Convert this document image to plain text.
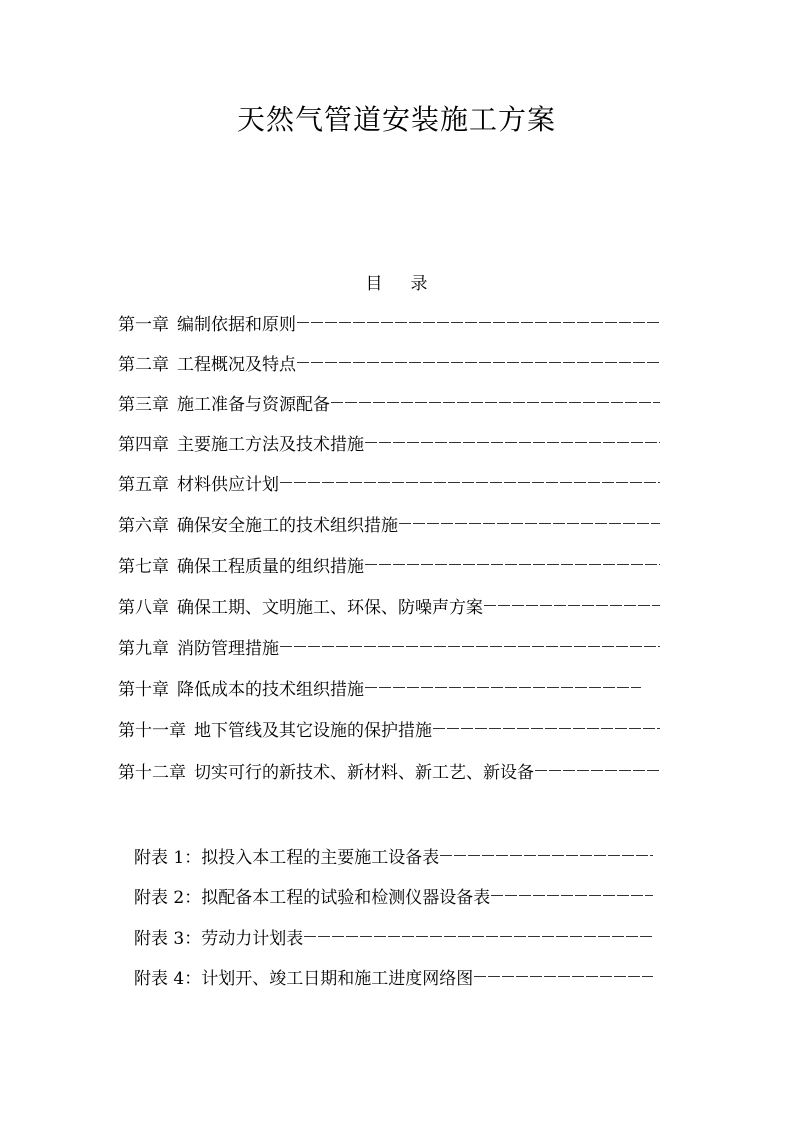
天然气管道安装施工方案
目 录
第一章 编制依据和原则
第二章 工程概况及特点
第三章 施工准备与资源配备
第四章 主要施工方法及技术措施
第五章 材料供应计划
第六章 确保安全施工的技术组织措施
第七章 确保工程质量的组织措施
第八章 确保工期、文明施工、环保、防噪声方案
第九章 消防管理措施
第十章 降低成本的技术组织措施
第十一章 地下管线及其它设施的保护措施
第十二章 切实可行的新技术、新材料、新工艺、新设备
附表 1： 拟投入本工程的主要施工设备表
附表 2： 拟配备本工程的试验和检测仪器设备表
附表 3： 劳动力计划表
附表 4： 计划开、竣工日期和施工进度网络图
